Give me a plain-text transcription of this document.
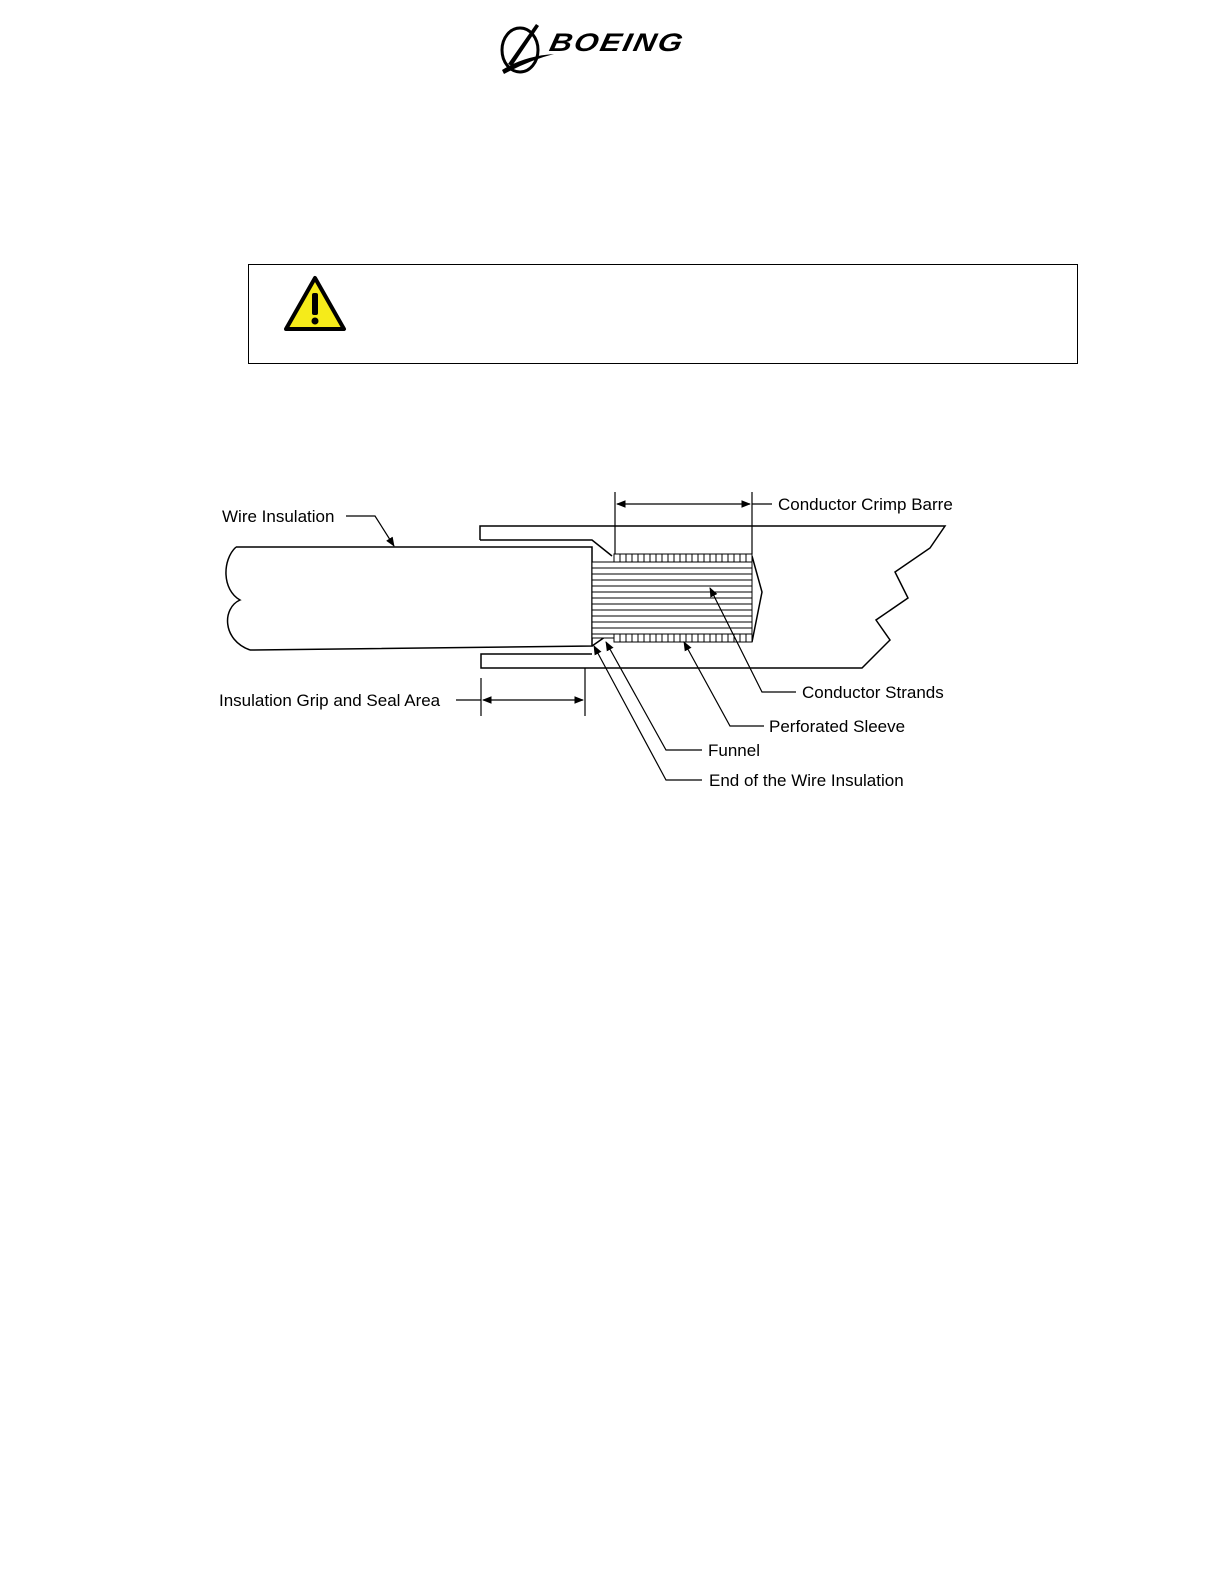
BOEING
Wire Insulation
Conductor Crimp Barre
Conductor Strands
Perforated Sleeve
Funnel
End of the Wire Insulation
Insulation Grip and Seal Area
